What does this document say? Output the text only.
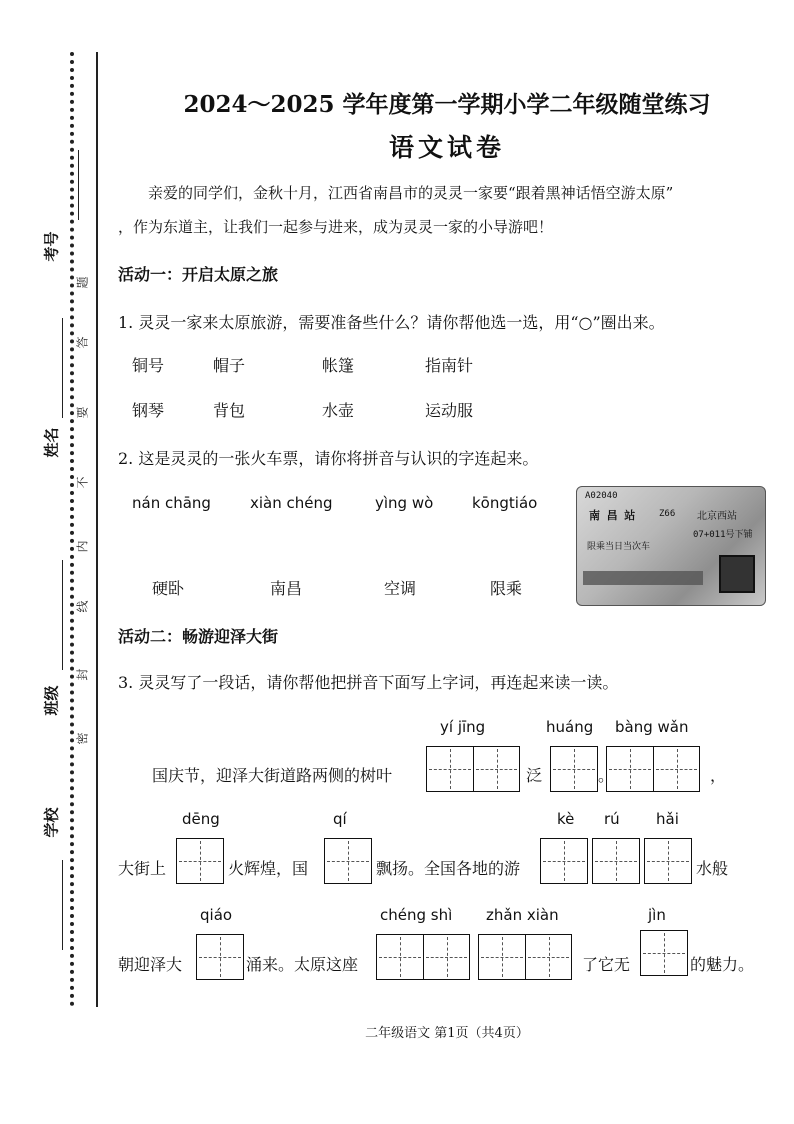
考号
姓名
班级
学校
题
答
要
不
内
线
封
密
2024～2025 学年度第一学期小学二年级随堂练习
语文试卷
亲爱的同学们，金秋十月，江西省南昌市的灵灵一家要“跟着黑神话悟空游太原”
，作为东道主，让我们一起参与进来，成为灵灵一家的小导游吧！
活动一：开启太原之旅
1. 灵灵一家来太原旅游，需要准备些什么？请你帮他选一选，用“○”圈出来。
铜号	帽子	帐篷	指南针
钢琴	背包	水壶	运动服
2. 这是灵灵的一张火车票，请你将拼音与认识的字连起来。
nán chāng	xiàn chéng	yìng wò	kōngtiáo
硬卧	南昌	空调	限乘
A02040
南 昌 站	Z66 北京西站
07+011号下铺
限乘当日当次车
活动二：畅游迎泽大街
3. 灵灵写了一段话，请你帮他把拼音下面写上字词，再连起来读一读。
yí jīng	huáng bàng wǎn
国庆节，迎泽大街道路两侧的树叶	泛	。	，
dēng	qí	kè rú hǎi
大街上	火辉煌，国	飘扬。全国各地的游	水般
qiáo	chéng shì zhǎn xiàn	jìn
朝迎泽大	涌来。太原这座	了它无	的魅力。
二年级语文 第1页（共4页）
